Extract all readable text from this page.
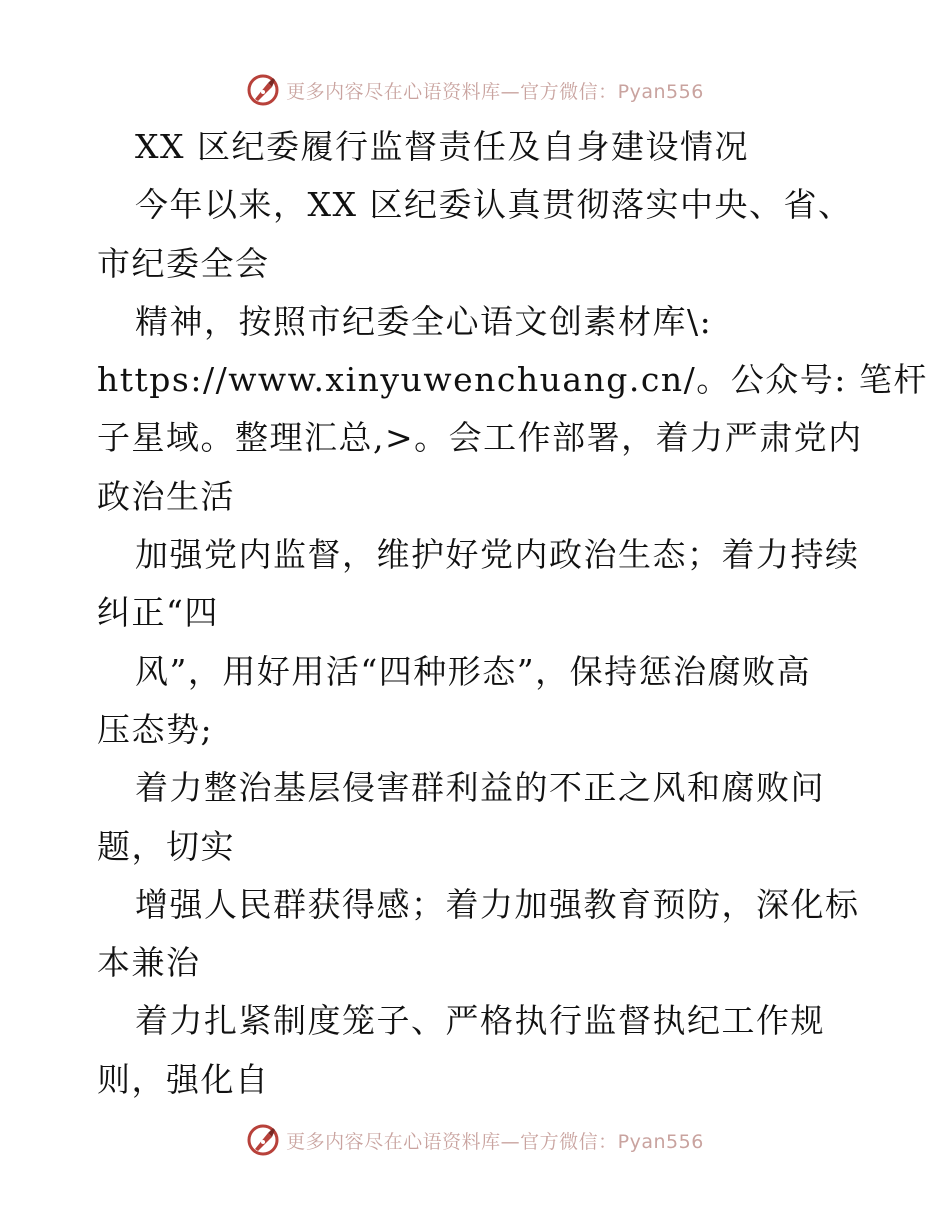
更多内容尽在心语资料库—官方微信：Pyan556
XX 区纪委履行监督责任及自身建设情况
今年以来，XX 区纪委认真贯彻落实中央、省、
市纪委全会
精神，按照市纪委全心语文创素材库\:
https://www.xinyuwenchuang.cn/。公众号: 笔杆
子星域。整理汇总,>。会工作部署，着力严肃党内
政治生活
加强党内监督，维护好党内政治生态；着力持续
纠正“四
风”，用好用活“四种形态”，保持惩治腐败高
压态势;
着力整治基层侵害群利益的不正之风和腐败问
题，切实
增强人民群获得感；着力加强教育预防，深化标
本兼治
着力扎紧制度笼子、严格执行监督执纪工作规
则，强化自
更多内容尽在心语资料库—官方微信：Pyan556
